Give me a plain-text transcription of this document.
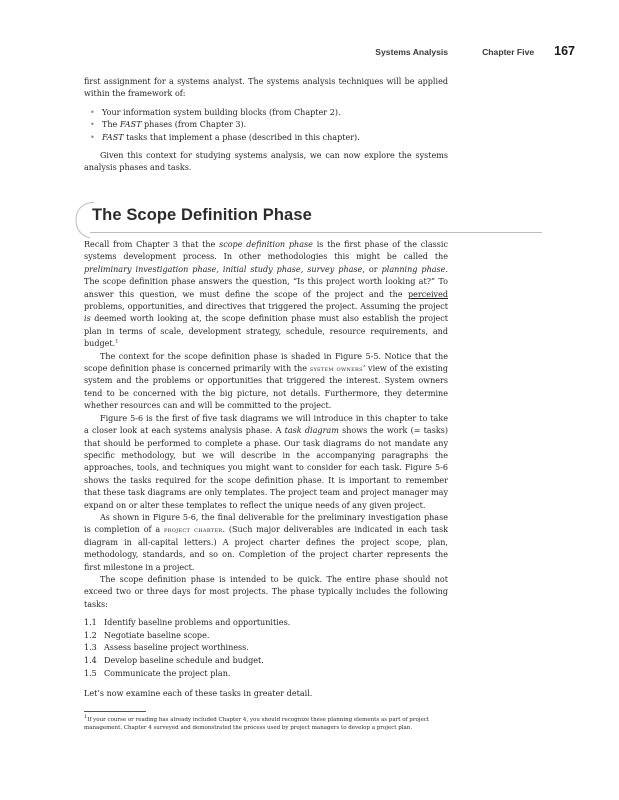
Systems Analysis	Chapter Five 167

first assignment for a systems analyst. The systems analysis techniques will be applied within the framework of:

• Your information system building blocks (from Chapter 2).
• The FAST phases (from Chapter 3).
• FAST tasks that implement a phase (described in this chapter).

Given this context for studying systems analysis, we can now explore the systems analysis phases and tasks.

The Scope Definition Phase

Recall from Chapter 3 that the scope definition phase is the first phase of the classic systems development process. In other methodologies this might be called the preliminary investigation phase, initial study phase, survey phase, or planning phase. The scope definition phase answers the question, “Is this project worth looking at?” To answer this question, we must define the scope of the project and the perceived problems, opportunities, and directives that triggered the project. Assuming the project is deemed worth looking at, the scope definition phase must also establish the project plan in terms of scale, development strategy, schedule, resource requirements, and budget.$^1$

The context for the scope definition phase is shaded in Figure 5-5. Notice that the scope definition phase is concerned primarily with the system owners’ view of the existing system and the problems or opportunities that triggered the interest. System owners tend to be concerned with the big picture, not details. Furthermore, they determine whether resources can and will be committed to the project.

Figure 5-6 is the first of five task diagrams we will introduce in this chapter to take a closer look at each systems analysis phase. A task diagram shows the work (= tasks) that should be performed to complete a phase. Our task diagrams do not mandate any specific methodology, but we will describe in the accompanying paragraphs the approaches, tools, and techniques you might want to consider for each task. Figure 5-6 shows the tasks required for the scope definition phase. It is important to remember that these task diagrams are only templates. The project team and project manager may expand on or alter these templates to reflect the unique needs of any given project.

As shown in Figure 5-6, the final deliverable for the preliminary investigation phase is completion of a project charter. (Such major deliverables are indicated in each task diagram in all-capital letters.) A project charter defines the project scope, plan, methodology, standards, and so on. Completion of the project charter represents the first milestone in a project.

The scope definition phase is intended to be quick. The entire phase should not exceed two or three days for most projects. The phase typically includes the following tasks:

1.1 Identify baseline problems and opportunities.
1.2 Negotiate baseline scope.
1.3 Assess baseline project worthiness.
1.4 Develop baseline schedule and budget.
1.5 Communicate the project plan.

Let’s now examine each of these tasks in greater detail.

$^1$If your course or reading has already included Chapter 4, you should recognize these planning elements as part of project management. Chapter 4 surveyed and demonstrated the process used by project managers to develop a project plan.
